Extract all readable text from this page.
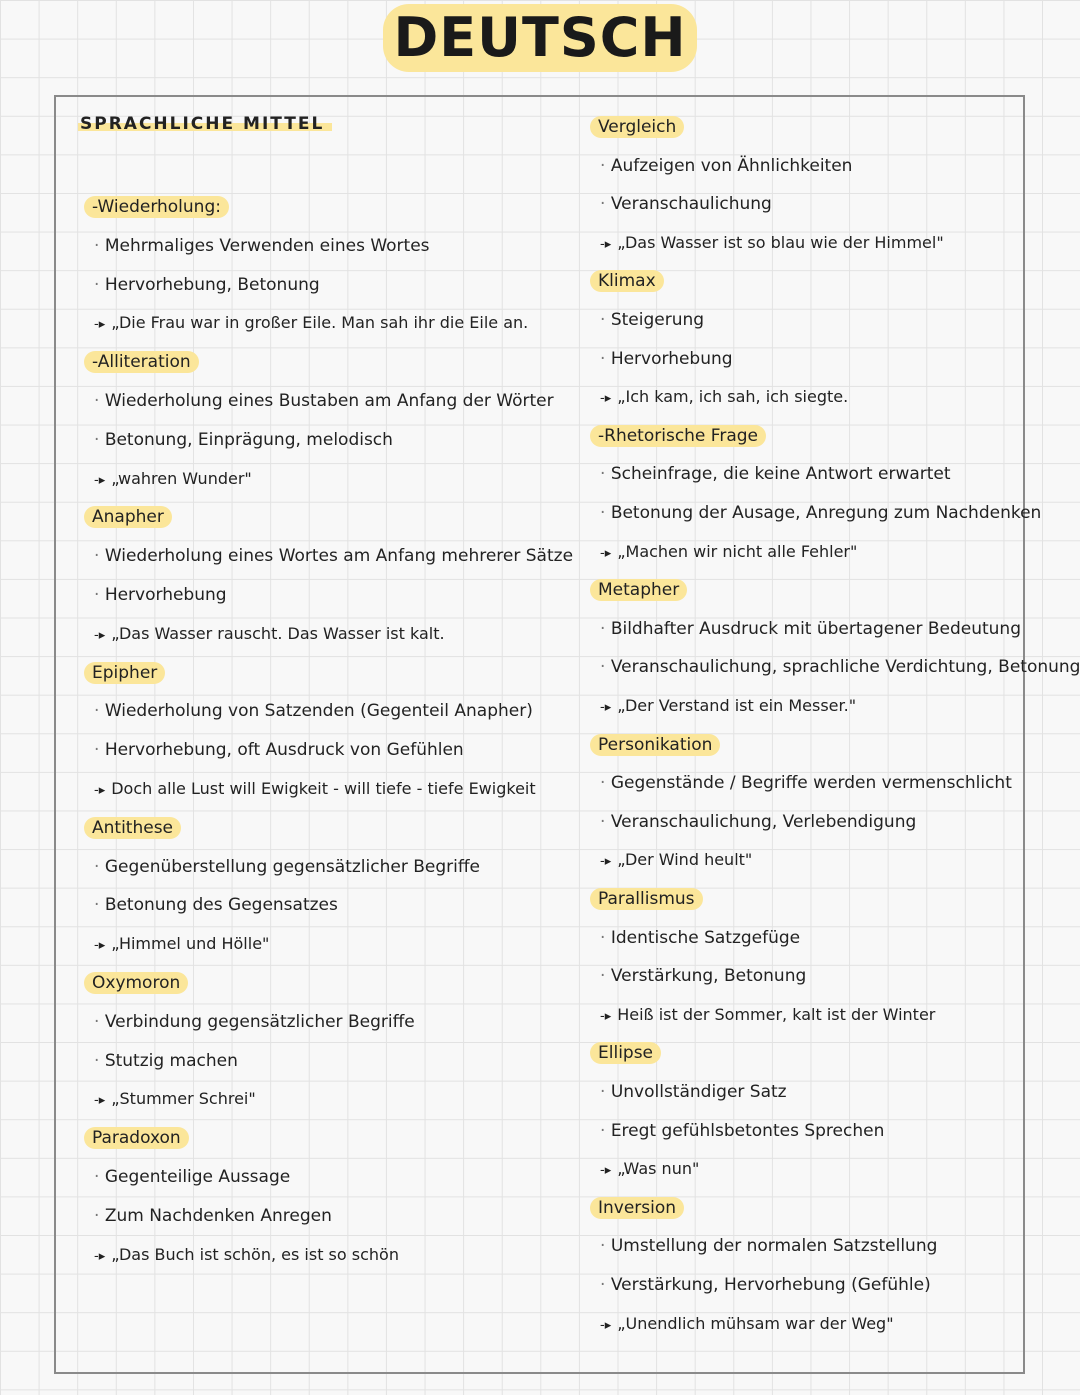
DEUTSCH
SPRACHLICHE MITTEL
-Wiederholung:
· Mehrmaliges Verwenden eines Wortes
· Hervorhebung, Betonung
-▸ „Die Frau war in großer Eile. Man sah ihr die Eile an.
-Alliteration
· Wiederholung eines Bustaben am Anfang der Wörter
· Betonung, Einprägung, melodisch
-▸ „wahren Wunder"
Anapher
· Wiederholung eines Wortes am Anfang mehrerer Sätze
· Hervorhebung
-▸ „Das Wasser rauscht. Das Wasser ist kalt.
Epipher
· Wiederholung von Satzenden (Gegenteil Anapher)
· Hervorhebung, oft Ausdruck von Gefühlen
-▸ Doch alle Lust will Ewigkeit - will tiefe - tiefe Ewigkeit
Antithese
· Gegenüberstellung gegensätzlicher Begriffe
· Betonung des Gegensatzes
-▸ „Himmel und Hölle"
Oxymoron
· Verbindung gegensätzlicher Begriffe
· Stutzig machen
-▸ „Stummer Schrei"
Paradoxon
· Gegenteilige Aussage
· Zum Nachdenken Anregen
-▸ „Das Buch ist schön, es ist so schön
Vergleich
· Aufzeigen von Ähnlichkeiten
· Veranschaulichung
-▸ „Das Wasser ist so blau wie der Himmel"
Klimax
· Steigerung
· Hervorhebung
-▸ „Ich kam, ich sah, ich siegte.
-Rhetorische Frage
· Scheinfrage, die keine Antwort erwartet
· Betonung der Ausage, Anregung zum Nachdenken
-▸ „Machen wir nicht alle Fehler"
Metapher
· Bildhafter Ausdruck mit übertagener Bedeutung
· Veranschaulichung, sprachliche Verdichtung, Betonung
-▸ „Der Verstand ist ein Messer."
Personikation
· Gegenstände / Begriffe werden vermenschlicht
· Veranschaulichung, Verlebendigung
-▸ „Der Wind heult"
Parallismus
· Identische Satzgefüge
· Verstärkung, Betonung
-▸ Heiß ist der Sommer, kalt ist der Winter
Ellipse
· Unvollständiger Satz
· Eregt gefühlsbetontes Sprechen
-▸ „Was nun"
Inversion
· Umstellung der normalen Satzstellung
· Verstärkung, Hervorhebung (Gefühle)
-▸ „Unendlich mühsam war der Weg"
